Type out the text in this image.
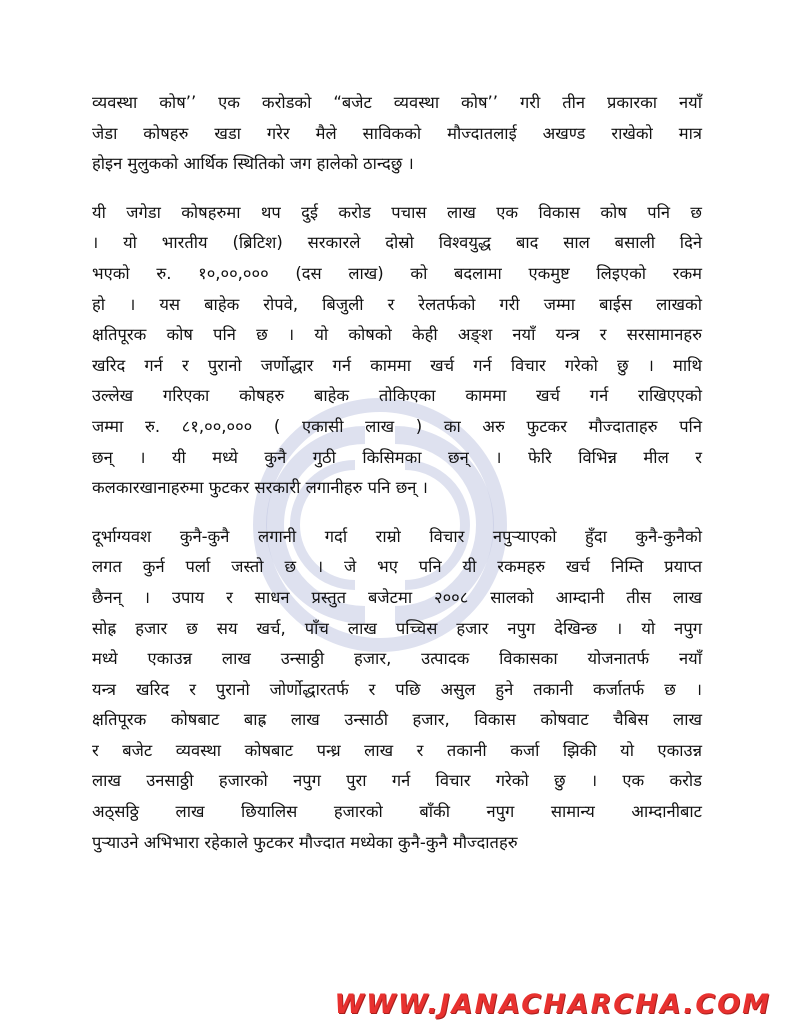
व्यवस्था कोष’’ एक करोडको “बजेट व्यवस्था कोष’’ गरी तीन प्रकारका नयाँ
जेडा कोषहरु खडा गरेर मैले साविकको मौज्दातलाई अखण्ड राखेको मात्र
होइन मुलुकको आर्थिक स्थितिको जग हालेको ठान्दछु ।

यी जगेडा कोषहरुमा थप दुई करोड पचास लाख एक विकास कोष पनि छ
। यो भारतीय (ब्रिटिश) सरकारले दोस्रो विश्वयुद्ध बाद साल बसाली दिने
भएको रु. १०,००,००० (दस लाख) को बदलामा एकमुष्ट लिइएको रकम
हो । यस बाहेक रोपवे, बिजुली र रेलतर्फको गरी जम्मा बाईस लाखको
क्षतिपूरक कोष पनि छ । यो कोषको केही अङ्श नयाँ यन्त्र र सरसामानहरु
खरिद गर्न र पुरानो जर्णोद्धार गर्न काममा खर्च गर्न विचार गरेको छु । माथि
उल्लेख गरिएका कोषहरु बाहेक तोकिएका काममा खर्च गर्न राखिएएको
जम्मा रु. ८१,००,००० ( एकासी लाख ) का अरु फुटकर मौज्दाताहरु पनि
छन् । यी मध्ये कुनै गुठी किसिमका छन् । फेरि विभिन्न मील र
कलकारखानाहरुमा फुटकर सरकारी लगानीहरु पनि छन् ।

दूर्भाग्यवश कुनै-कुनै लगानी गर्दा राम्रो विचार नपुर्‍याएको हुँदा कुनै-कुनैको
लगत कुर्न पर्ला जस्तो छ । जे भए पनि यी रकमहरु खर्च निम्ति प्रयाप्त
छैनन् । उपाय र साधन प्रस्तुत बजेटमा २००८ सालको आम्दानी तीस लाख
सोह्र हजार छ सय खर्च, पाँच लाख पच्चिस हजार नपुग देखिन्छ । यो नपुग
मध्ये एकाउन्न लाख उन्साठ्ठी हजार, उत्पादक विकासका योजनातर्फ नयाँ
यन्त्र खरिद र पुरानो जोर्णोद्धारतर्फ र पछि असुल हुने तकानी कर्जातर्फ छ ।
क्षतिपूरक कोषबाट बाह्र लाख उन्साठी हजार, विकास कोषवाट चैबिस लाख
र बजेट व्यवस्था कोषबाट पन्ध्र लाख र तकानी कर्जा झिकी यो एकाउन्न
लाख उनसाठ्ठी हजारको नपुग पुरा गर्न विचार गरेको छु । एक करोड
अठ्सठ्ठि लाख छियालिस हजारको बाँकी नपुग सामान्य आम्दानीबाट
पुर्‍याउने अभिभारा रहेकाले फुटकर मौज्दात मध्येका कुनै-कुनै मौज्दातहरु

WWW.JANACHARCHA.COM
